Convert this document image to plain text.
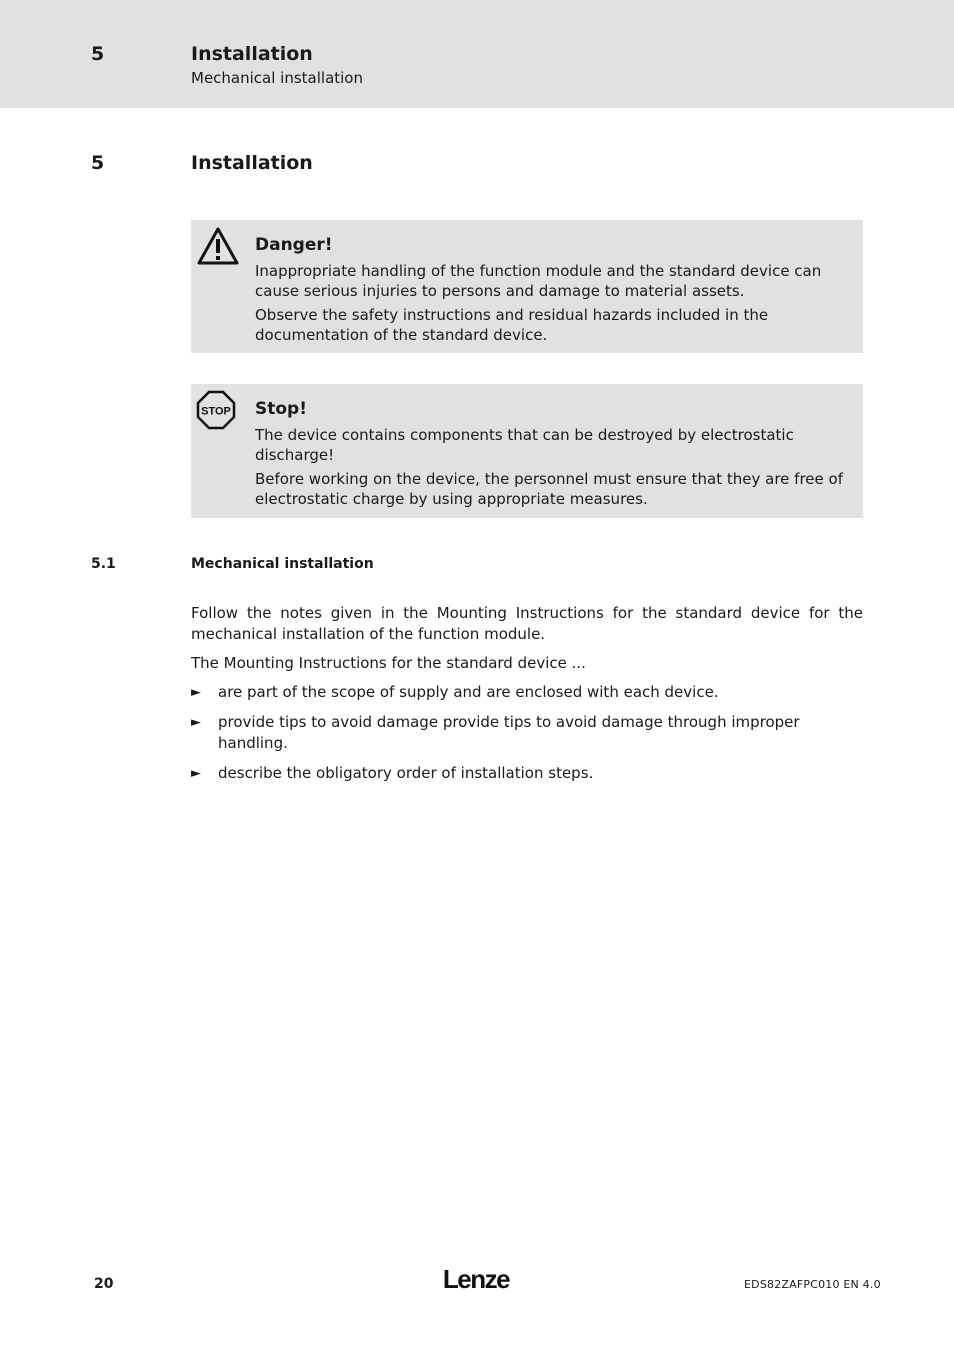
5	Installation
Mechanical installation
5	Installation
Danger!

Inappropriate handling of the function module and the standard device can cause serious injuries to persons and damage to material assets.

Observe the safety instructions and residual hazards included in the documentation of the standard device.

STOP Stop!

The device contains components that can be destroyed by electrostatic discharge!

Before working on the device, the personnel must ensure that they are free of electrostatic charge by using appropriate measures.

5.1	Mechanical installation

Follow the notes given in the Mounting Instructions for the standard device for the mechanical installation of the function module.

The Mounting Instructions for the standard device ...

► are part of the scope of supply and are enclosed with each device.
► provide tips to avoid damage provide tips to avoid damage through improper handling.
► describe the obligatory order of installation steps.
20	Lenze	EDS82ZAFPC010 EN 4.0
